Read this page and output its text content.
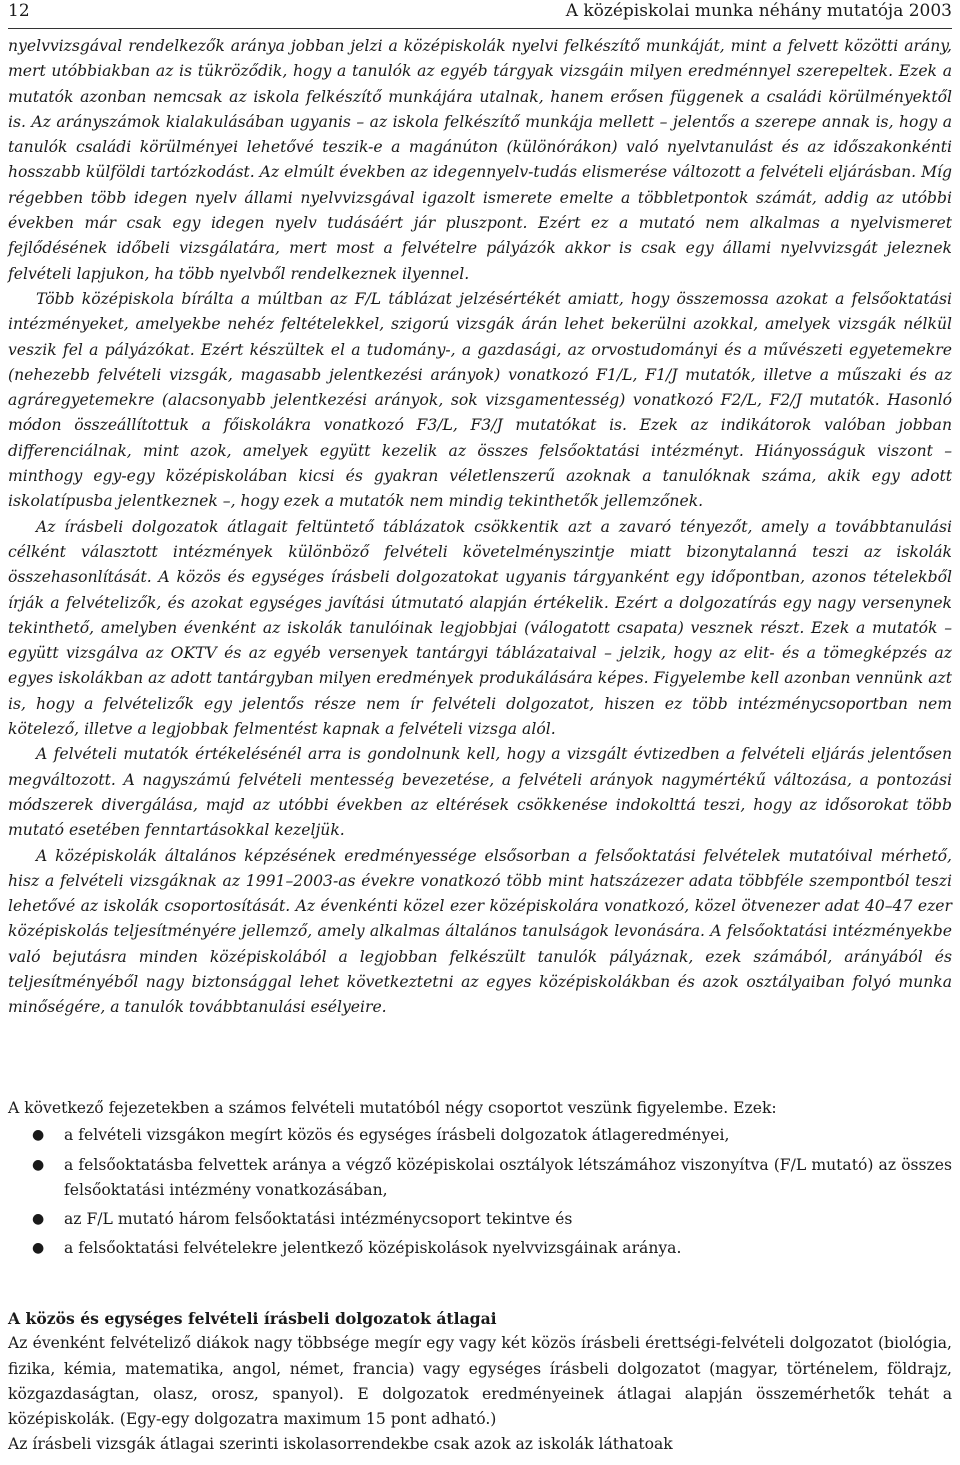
12	A középiskolai munka néhány mutatója 2003

nyelvvizsgával rendelkezők aránya jobban jelzi a középiskolák nyelvi felkészítő munkáját, mint a felvett közötti arány, mert utóbbiakban az is tükröződik, hogy a tanulók az egyéb tárgyak vizsgáin milyen eredménnyel szerepeltek. Ezek a mutatók azonban nemcsak az iskola felkészítő munkájára utalnak, hanem erősen függenek a családi körülményektől is. Az arányszámok kialakulásában ugyanis – az iskola felkészítő munkája mellett – jelentős a szerepe annak is, hogy a tanulók családi körülményei lehetővé teszik-e a magánúton (különórákon) való nyelvtanulást és az időszakonkénti hosszabb külföldi tartózkodást. Az elmúlt években az idegennyelv-tudás elismerése változott a felvételi eljárásban. Míg régebben több idegen nyelv állami nyelvvizsgával igazolt ismerete emelte a többletpontok számát, addig az utóbbi években már csak egy idegen nyelv tudásáért jár pluszpont. Ezért ez a mutató nem alkalmas a nyelvismeret fejlődésének időbeli vizsgálatára, mert most a felvételre pályázók akkor is csak egy állami nyelvvizsgát jeleznek felvételi lapjukon, ha több nyelvből rendelkeznek ilyennel.

Több középiskola bírálta a múltban az F/L táblázat jelzésértékét amiatt, hogy összemossa azokat a felsőoktatási intézményeket, amelyekbe nehéz feltételekkel, szigorú vizsgák árán lehet bekerülni azokkal, amelyek vizsgák nélkül veszik fel a pályázókat. Ezért készültek el a tudomány-, a gazdasági, az orvostudományi és a művészeti egyetemekre (nehezebb felvételi vizsgák, magasabb jelentkezési arányok) vonatkozó F1/L, F1/J mutatók, illetve a műszaki és az agráregyetemekre (alacsonyabb jelentkezési arányok, sok vizsgamentesség) vonatkozó F2/L, F2/J mutatók. Hasonló módon összeállítottuk a főiskolákra vonatkozó F3/L, F3/J mutatókat is. Ezek az indikátorok valóban jobban differenciálnak, mint azok, amelyek együtt kezelik az összes felsőoktatási intézményt. Hiányosságuk viszont – minthogy egy-egy középiskolában kicsi és gyakran véletlenszerű azoknak a tanulóknak száma, akik egy adott iskolatípusba jelentkeznek –, hogy ezek a mutatók nem mindig tekinthetők jellemzőnek.

Az írásbeli dolgozatok átlagait feltüntető táblázatok csökkentik azt a zavaró tényezőt, amely a továbbtanulási célként választott intézmények különböző felvételi követelményszintje miatt bizonytalanná teszi az iskolák összehasonlítását. A közös és egységes írásbeli dolgozatokat ugyanis tárgyanként egy időpontban, azonos tételekből írják a felvételizők, és azokat egységes javítási útmutató alapján értékelik. Ezért a dolgozatírás egy nagy versenynek tekinthető, amelyben évenként az iskolák tanulóinak legjobbjai (válogatott csapata) vesznek részt. Ezek a mutatók – együtt vizsgálva az OKTV és az egyéb versenyek tantárgyi táblázataival – jelzik, hogy az elit- és a tömegképzés az egyes iskolákban az adott tantárgyban milyen eredmények produkálására képes. Figyelembe kell azonban vennünk azt is, hogy a felvételizők egy jelentős része nem ír felvételi dolgozatot, hiszen ez több intézménycsoportban nem kötelező, illetve a legjobbak felmentést kapnak a felvételi vizsga alól.

A felvételi mutatók értékelésénél arra is gondolnunk kell, hogy a vizsgált évtizedben a felvételi eljárás jelentősen megváltozott. A nagyszámú felvételi mentesség bevezetése, a felvételi arányok nagymértékű változása, a pontozási módszerek divergálása, majd az utóbbi években az eltérések csökkenése indokolttá teszi, hogy az idősorokat több mutató esetében fenntartásokkal kezeljük.

A középiskolák általános képzésének eredményessége elsősorban a felsőoktatási felvételek mutatóival mérhető, hisz a felvételi vizsgáknak az 1991–2003-as évekre vonatkozó több mint hatszázezer adata többféle szempontból teszi lehetővé az iskolák csoportosítását. Az évenkénti közel ezer középiskolára vonatkozó, közel ötvenezer adat 40–47 ezer középiskolás teljesítményére jellemző, amely alkalmas általános tanulságok levonására. A felsőoktatási intézményekbe való bejutásra minden középiskolából a legjobban felkészült tanulók pályáznak, ezek számából, arányából és teljesítményéből nagy biztonsággal lehet következtetni az egyes középiskolákban és azok osztályaiban folyó munka minőségére, a tanulók továbbtanulási esélyeire.

A következő fejezetekben a számos felvételi mutatóból négy csoportot veszünk figyelembe. Ezek:

● a felvételi vizsgákon megírt közös és egységes írásbeli dolgozatok átlageredményei,
● a felsőoktatásba felvettek aránya a végző középiskolai osztályok létszámához viszonyítva (F/L mutató) az összes felsőoktatási intézmény vonatkozásában,
● az F/L mutató három felsőoktatási intézménycsoport tekintve és
● a felsőoktatási felvételekre jelentkező középiskolások nyelvvizsgáinak aránya.
A közös és egységes felvételi írásbeli dolgozatok átlagai

Az évenként felvételiző diákok nagy többsége megír egy vagy két közös írásbeli érettségi-felvételi dolgozatot (biológia, fizika, kémia, matematika, angol, német, francia) vagy egységes írásbeli dolgozatot (magyar, történelem, földrajz, közgazdaságtan, olasz, orosz, spanyol). E dolgozatok eredményeinek átlagai alapján összemérhetők tehát a középiskolák. (Egy-egy dolgozatra maximum 15 pont adható.)

Az írásbeli vizsgák átlagai szerinti iskolasorrendekbe csak azok az iskolák láthatoak
